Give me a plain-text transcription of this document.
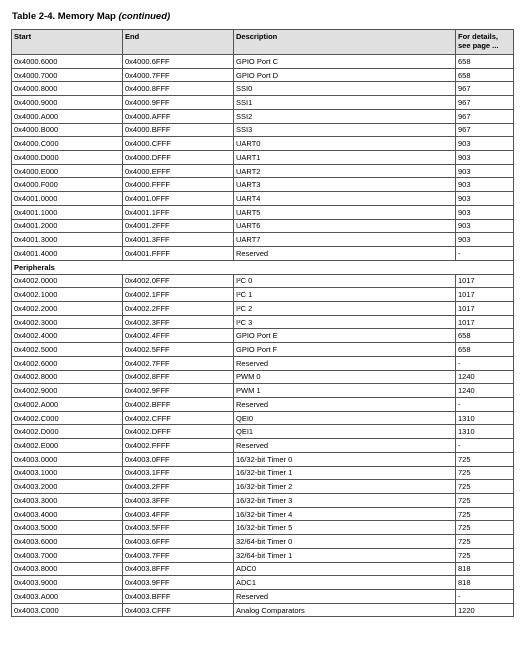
Table 2-4. Memory Map (continued)
Start	End	Description	For details, see page ...
0x4000.6000	0x4000.6FFF	GPIO Port C	658
0x4000.7000	0x4000.7FFF	GPIO Port D	658
0x4000.8000	0x4000.8FFF	SSI0	967
0x4000.9000	0x4000.9FFF	SSI1	967
0x4000.A000	0x4000.AFFF	SSI2	967
0x4000.B000	0x4000.BFFF	SSI3	967
0x4000.C000	0x4000.CFFF	UART0	903
0x4000.D000	0x4000.DFFF	UART1	903
0x4000.E000	0x4000.EFFF	UART2	903
0x4000.F000	0x4000.FFFF	UART3	903
0x4001.0000	0x4001.0FFF	UART4	903
0x4001.1000	0x4001.1FFF	UART5	903
0x4001.2000	0x4001.2FFF	UART6	903
0x4001.3000	0x4001.3FFF	UART7	903
0x4001.4000	0x4001.FFFF	Reserved	-
Peripherals			
0x4002.0000	0x4002.0FFF	I²C 0	1017
0x4002.1000	0x4002.1FFF	I²C 1	1017
0x4002.2000	0x4002.2FFF	I²C 2	1017
0x4002.3000	0x4002.3FFF	I²C 3	1017
0x4002.4000	0x4002.4FFF	GPIO Port E	658
0x4002.5000	0x4002.5FFF	GPIO Port F	658
0x4002.6000	0x4002.7FFF	Reserved	-
0x4002.8000	0x4002.8FFF	PWM 0	1240
0x4002.9000	0x4002.9FFF	PWM 1	1240
0x4002.A000	0x4002.BFFF	Reserved	-
0x4002.C000	0x4002.CFFF	QEI0	1310
0x4002.D000	0x4002.DFFF	QEI1	1310
0x4002.E000	0x4002.FFFF	Reserved	-
0x4003.0000	0x4003.0FFF	16/32-bit Timer 0	725
0x4003.1000	0x4003.1FFF	16/32-bit Timer 1	725
0x4003.2000	0x4003.2FFF	16/32-bit Timer 2	725
0x4003.3000	0x4003.3FFF	16/32-bit Timer 3	725
0x4003.4000	0x4003.4FFF	16/32-bit Timer 4	725
0x4003.5000	0x4003.5FFF	16/32-bit Timer 5	725
0x4003.6000	0x4003.6FFF	32/64-bit Timer 0	725
0x4003.7000	0x4003.7FFF	32/64-bit Timer 1	725
0x4003.8000	0x4003.8FFF	ADC0	818
0x4003.9000	0x4003.9FFF	ADC1	818
0x4003.A000	0x4003.BFFF	Reserved	-
0x4003.C000	0x4003.CFFF	Analog Comparators	1220
